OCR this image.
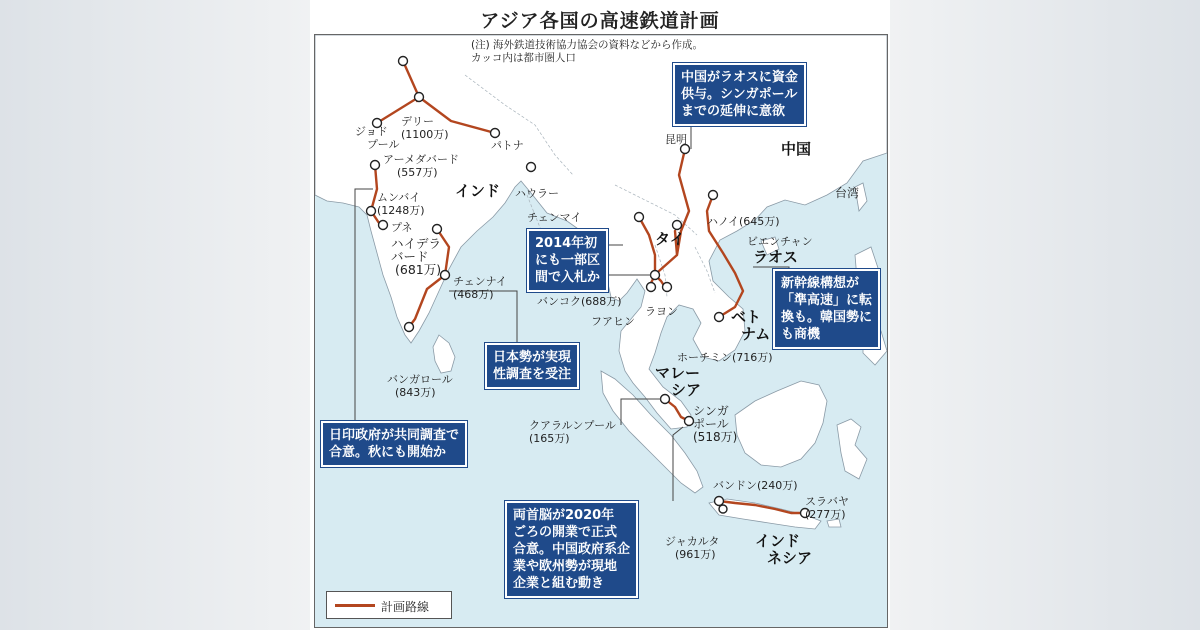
アジア各国の高速鉄道計画
(注) 海外鉄道技術協力協会の資料などから作成。
カッコ内は都市圏人口
インド
中国
台湾
タイ
ラオス
ベト
ナム
マレー
シア
インド
ネシア
ジョド
プール
デリー
(1100万)
パトナ
アーメダバード
(557万)
ムンバイ
(1248万)
プネ
ハウラー
ハイデラ
バード
(681万)
チェンナイ
(468万)
バンガロール
(843万)
昆明
チェンマイ	ハノイ(645万)
ビエンチャン
バンコク(688万)
フアヒン
ラヨン
ホーチミン(716万)
クアラルンプール
(165万)
シンガ
ポール
(518万)
バンドン(240万)
スラバヤ
(277万)
ジャカルタ
(961万)
中国がラオスに資金
供与。シンガポール
までの延伸に意欲
2014年初
にも一部区
間で入札か	新幹線構想が
「準高速」に転
換も。韓国勢に
も商機
日本勢が実現
性調査を受注
日印政府が共同調査で
合意。秋にも開始か
両首脳が2020年
ごろの開業で正式
合意。中国政府系企
業や欧州勢が現地
企業と組む動き
計画路線
